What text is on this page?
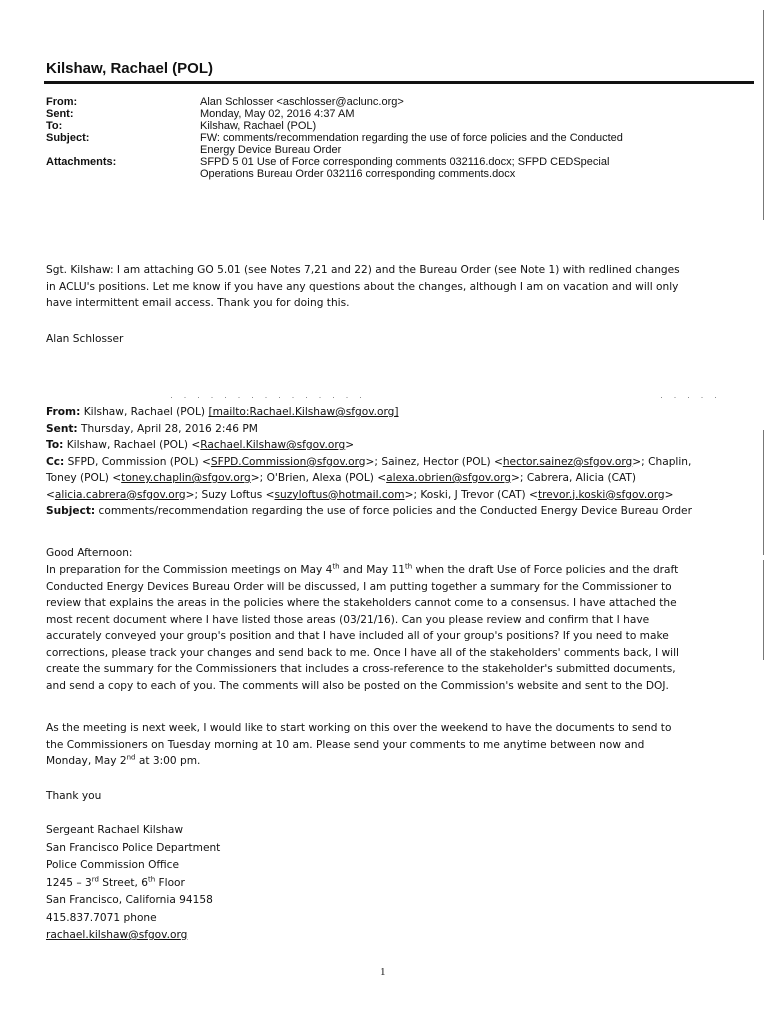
Kilshaw, Rachael (POL)
From:	Alan Schlosser <aschlosser@aclunc.org>
Sent:	Monday, May 02, 2016 4:37 AM
To:	Kilshaw, Rachael (POL)
Subject:	FW: comments/recommendation regarding the use of force policies and the Conducted
Energy Device Bureau Order
Attachments:	SFPD 5 01 Use of Force corresponding comments 032116.docx; SFPD CEDSpecial
Operations Bureau Order 032116 corresponding comments.docx
Sgt. Kilshaw: I am attaching GO 5.01 (see Notes 7,21 and 22) and the Bureau Order (see Note 1) with redlined changes
in ACLU's positions. Let me know if you have any questions about the changes, although I am on vacation and will only
have intermittent email access. Thank you for doing this.
Alan Schlosser
· · · · · · · · · · · · · · ·	· · · · ·
From: Kilshaw, Rachael (POL) [mailto:Rachael.Kilshaw@sfgov.org]
Sent: Thursday, April 28, 2016 2:46 PM
To: Kilshaw, Rachael (POL) <Rachael.Kilshaw@sfgov.org>
Cc: SFPD, Commission (POL) <SFPD.Commission@sfgov.org>; Sainez, Hector (POL) <hector.sainez@sfgov.org>; Chaplin,
Toney (POL) <toney.chaplin@sfgov.org>; O'Brien, Alexa (POL) <alexa.obrien@sfgov.org>; Cabrera, Alicia (CAT)
<alicia.cabrera@sfgov.org>; Suzy Loftus <suzyloftus@hotmail.com>; Koski, J Trevor (CAT) <trevor.j.koski@sfgov.org>
Subject: comments/recommendation regarding the use of force policies and the Conducted Energy Device Bureau Order
Good Afternoon:
In preparation for the Commission meetings on May 4th and May 11th when the draft Use of Force policies and the draft
Conducted Energy Devices Bureau Order will be discussed, I am putting together a summary for the Commissioner to
review that explains the areas in the policies where the stakeholders cannot come to a consensus. I have attached the
most recent document where I have listed those areas (03/21/16). Can you please review and confirm that I have
accurately conveyed your group's position and that I have included all of your group's positions? If you need to make
corrections, please track your changes and send back to me. Once I have all of the stakeholders' comments back, I will
create the summary for the Commissioners that includes a cross-reference to the stakeholder's submitted documents,
and send a copy to each of you. The comments will also be posted on the Commission's website and sent to the DOJ.
As the meeting is next week, I would like to start working on this over the weekend to have the documents to send to
the Commissioners on Tuesday morning at 10 am. Please send your comments to me anytime between now and
Monday, May 2nd at 3:00 pm.
Thank you
Sergeant Rachael Kilshaw
San Francisco Police Department
Police Commission Office
1245 – 3rd Street, 6th Floor
San Francisco, California 94158
415.837.7071 phone
rachael.kilshaw@sfgov.org
1
